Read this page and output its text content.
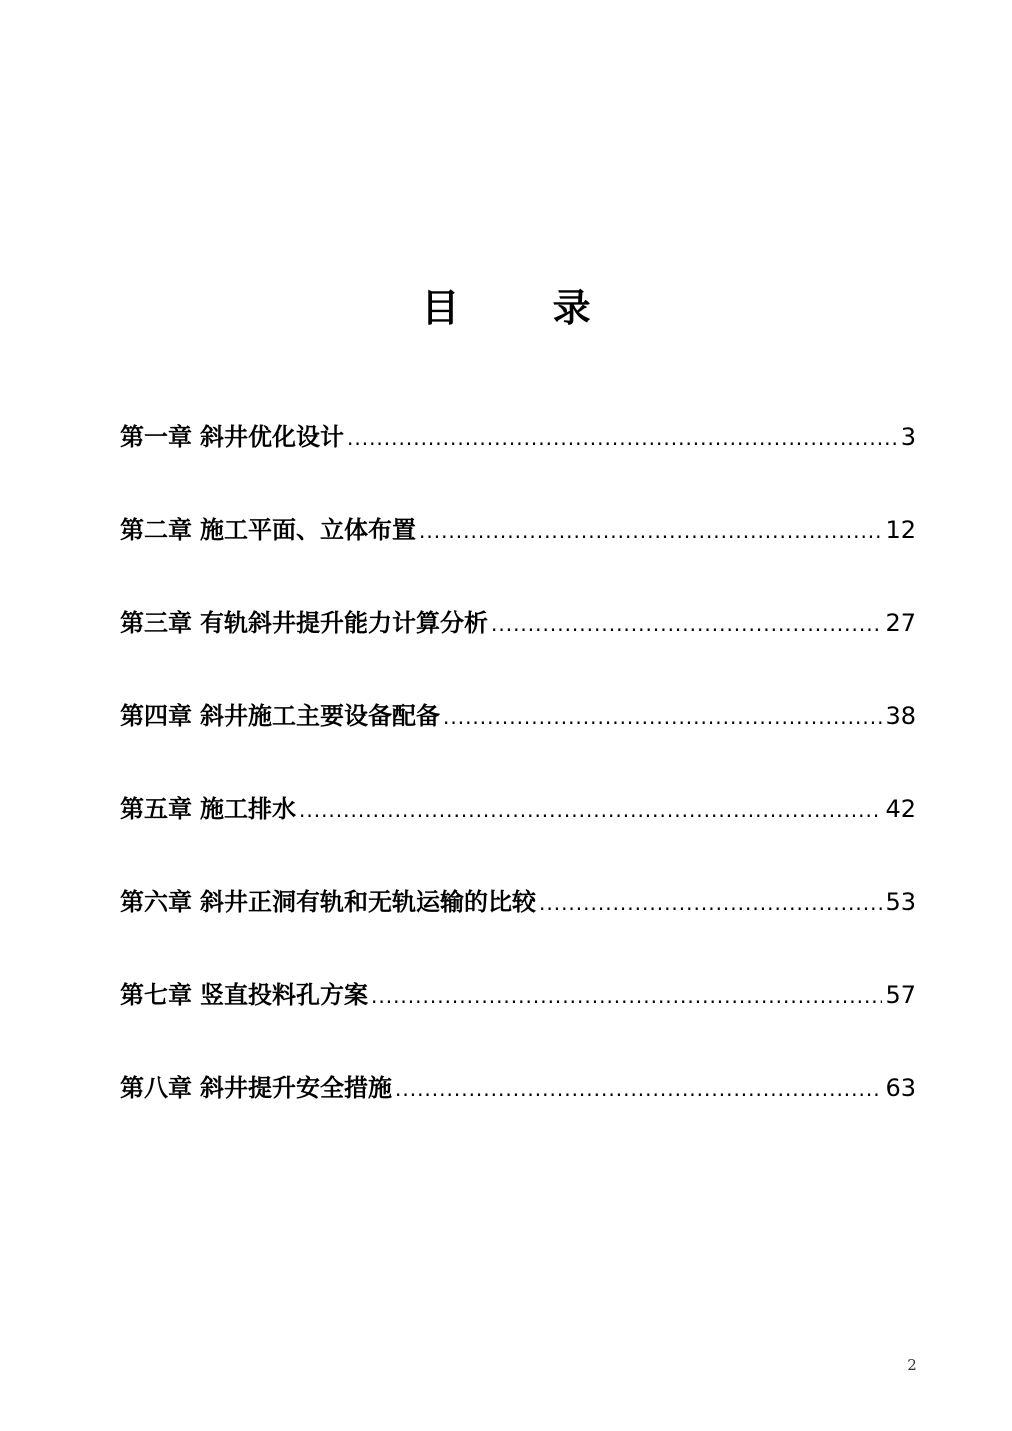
目 录
第一章 斜井优化设计 .....	3
第二章 施工平面、立体布置 .....	12
第三章 有轨斜井提升能力计算分析 .....	27
第四章 斜井施工主要设备配备 .....	38
第五章 施工排水 .....	42
第六章 斜井正洞有轨和无轨运输的比较 .....	53
第七章 竖直投料孔方案 .....	57
第八章 斜井提升安全措施 .....	63
2
